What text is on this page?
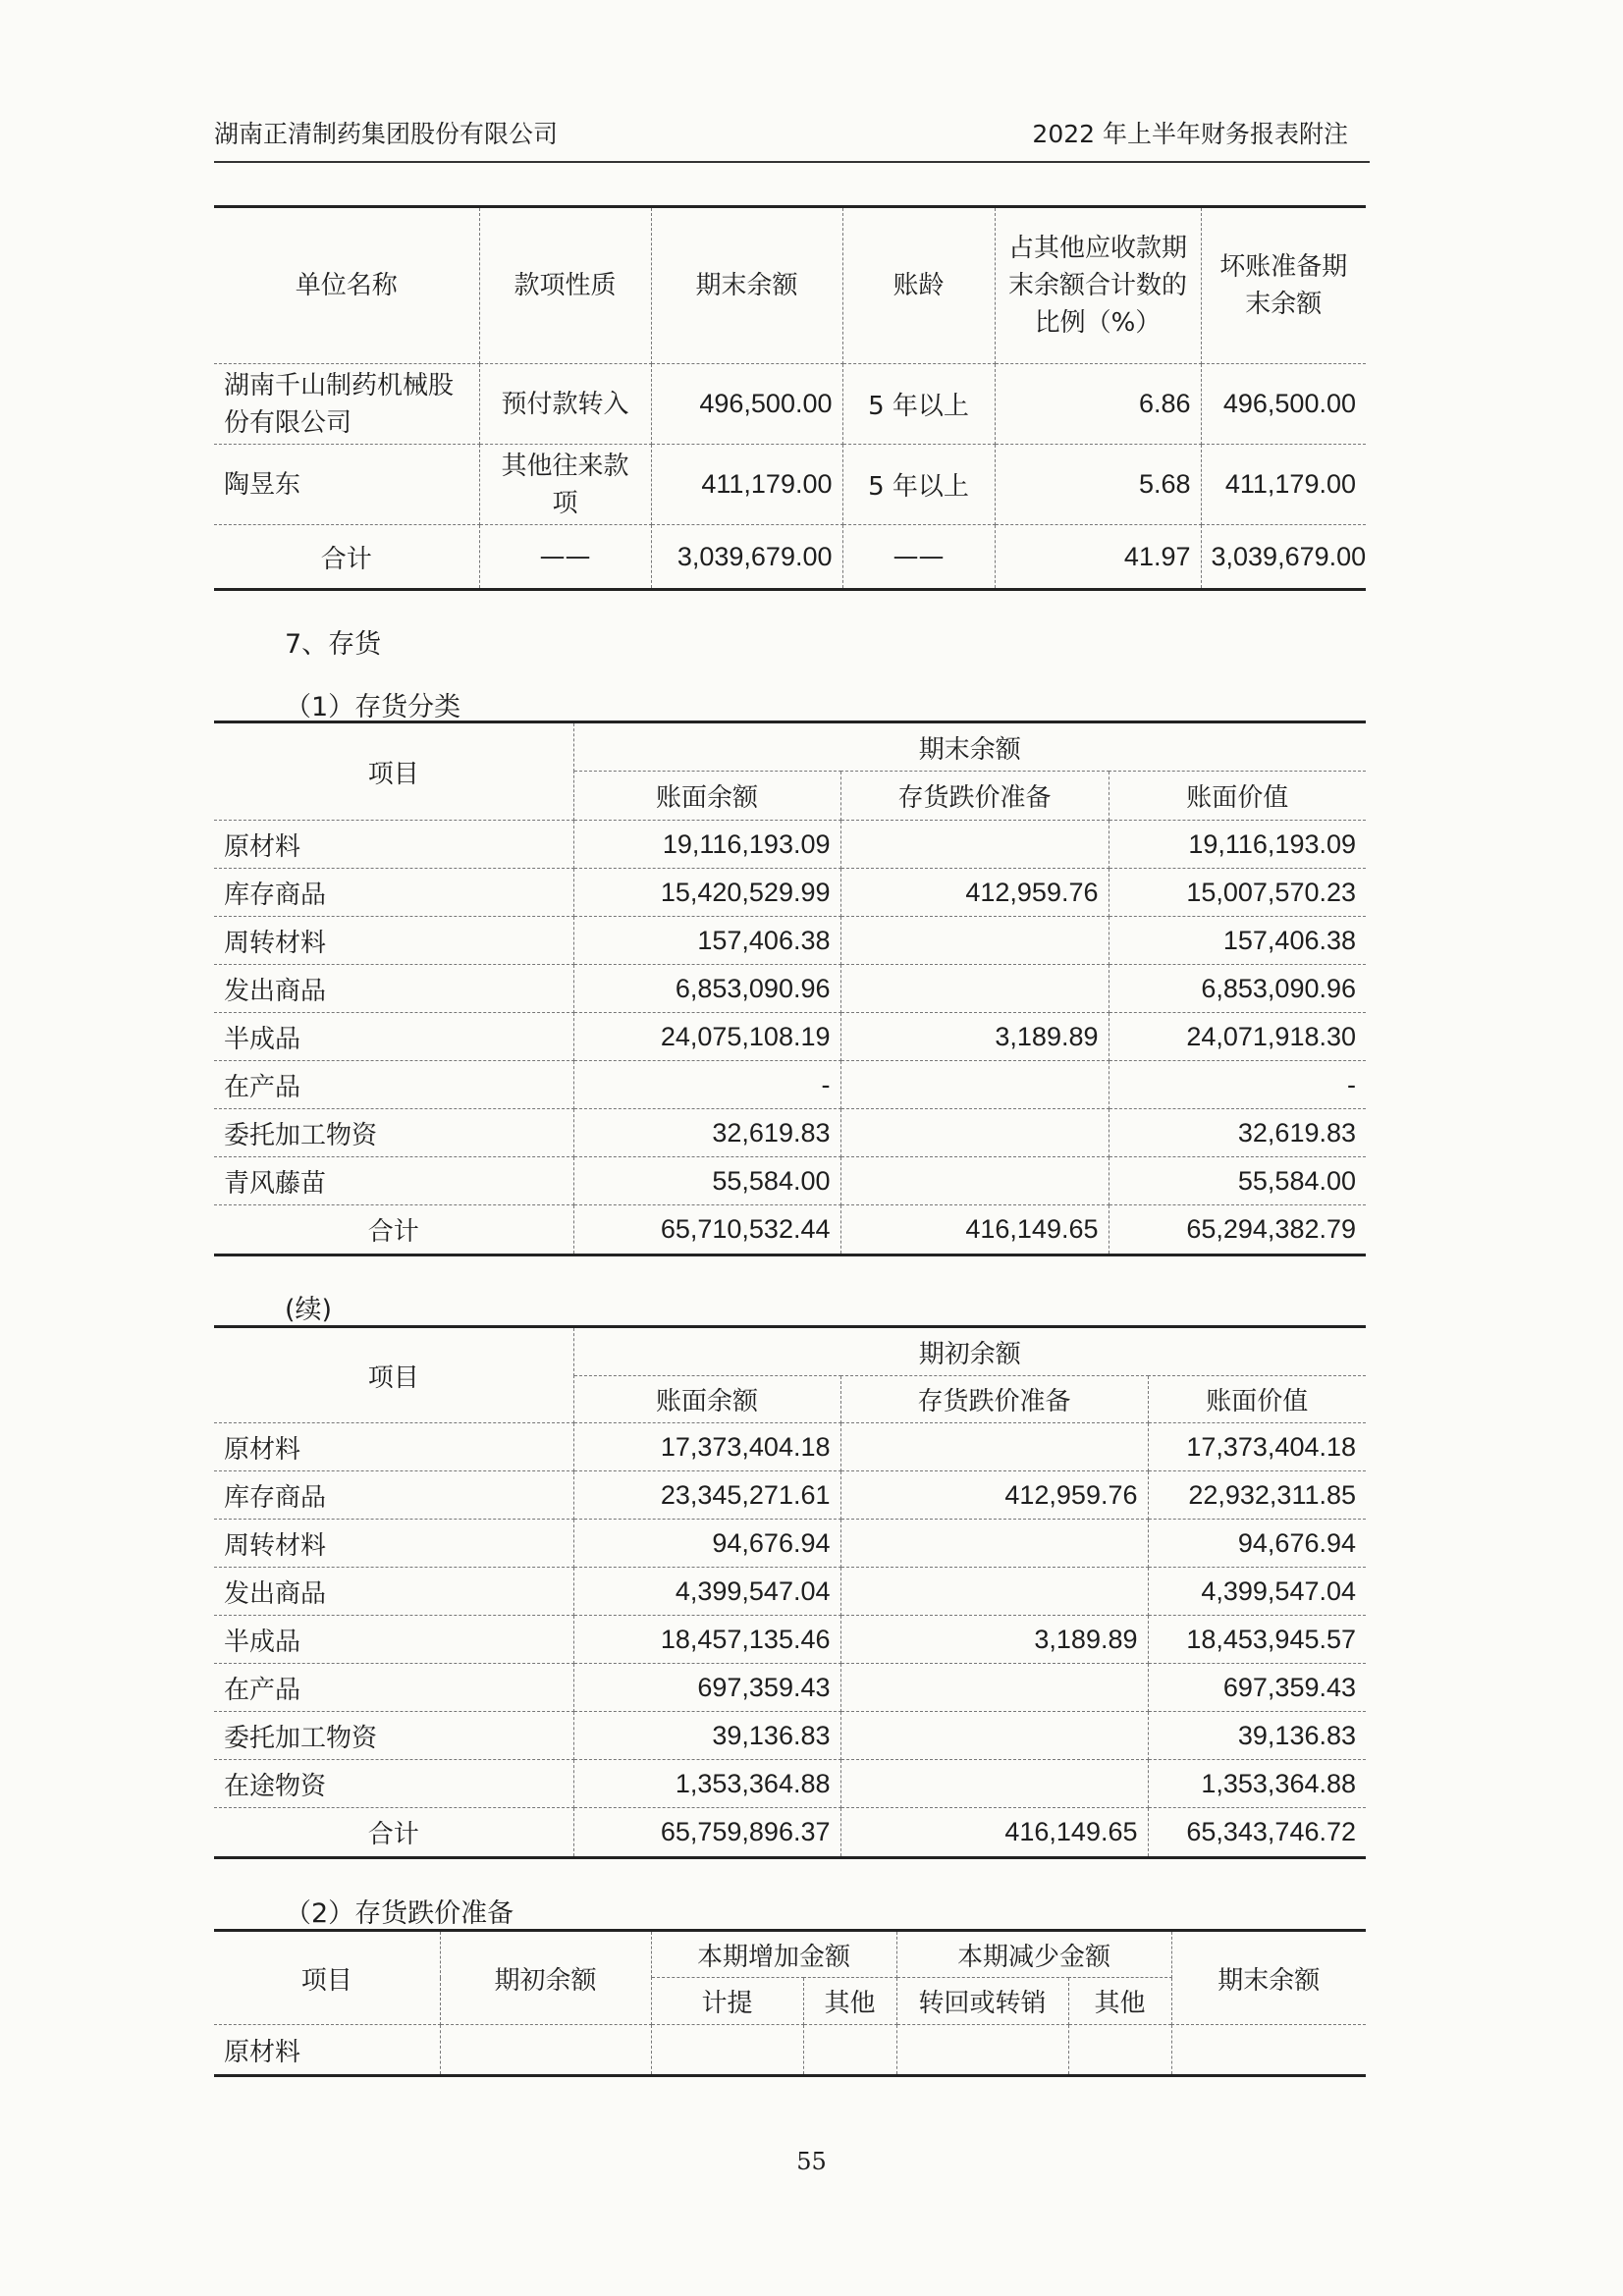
湖南正清制药集团股份有限公司	2022 年上半年财务报表附注
单位名称	款项性质	期末余额	账龄	占其他应收款期末余额合计数的比例（%）	坏账准备期末余额
湖南千山制药机械股份有限公司	预付款转入	496,500.00	5 年以上	6.86	496,500.00
陶昱东	其他往来款项	411,179.00	5 年以上	5.68	411,179.00
合计	——	3,039,679.00	——	41.97	3,039,679.00
7、存货
（1）存货分类
项目	期末余额		
	账面余额	存货跌价准备	账面价值
原材料	19,116,193.09		19,116,193.09
库存商品	15,420,529.99	412,959.76	15,007,570.23
周转材料	157,406.38		157,406.38
发出商品	6,853,090.96		6,853,090.96
半成品	24,075,108.19	3,189.89	24,071,918.30
在产品	-		-
委托加工物资	32,619.83		32,619.83
青风藤苗	55,584.00		55,584.00
合计	65,710,532.44	416,149.65	65,294,382.79
(续)
项目	期初余额		
	账面余额	存货跌价准备	账面价值
原材料	17,373,404.18		17,373,404.18
库存商品	23,345,271.61	412,959.76	22,932,311.85
周转材料	94,676.94		94,676.94
发出商品	4,399,547.04		4,399,547.04
半成品	18,457,135.46	3,189.89	18,453,945.57
在产品	697,359.43		697,359.43
委托加工物资	39,136.83		39,136.83
在途物资	1,353,364.88		1,353,364.88
合计	65,759,896.37	416,149.65	65,343,746.72
（2）存货跌价准备
项目	期初余额	本期增加金额		本期减少金额		期末余额
		计提	其他	转回或转销	其他	
原材料						
55
